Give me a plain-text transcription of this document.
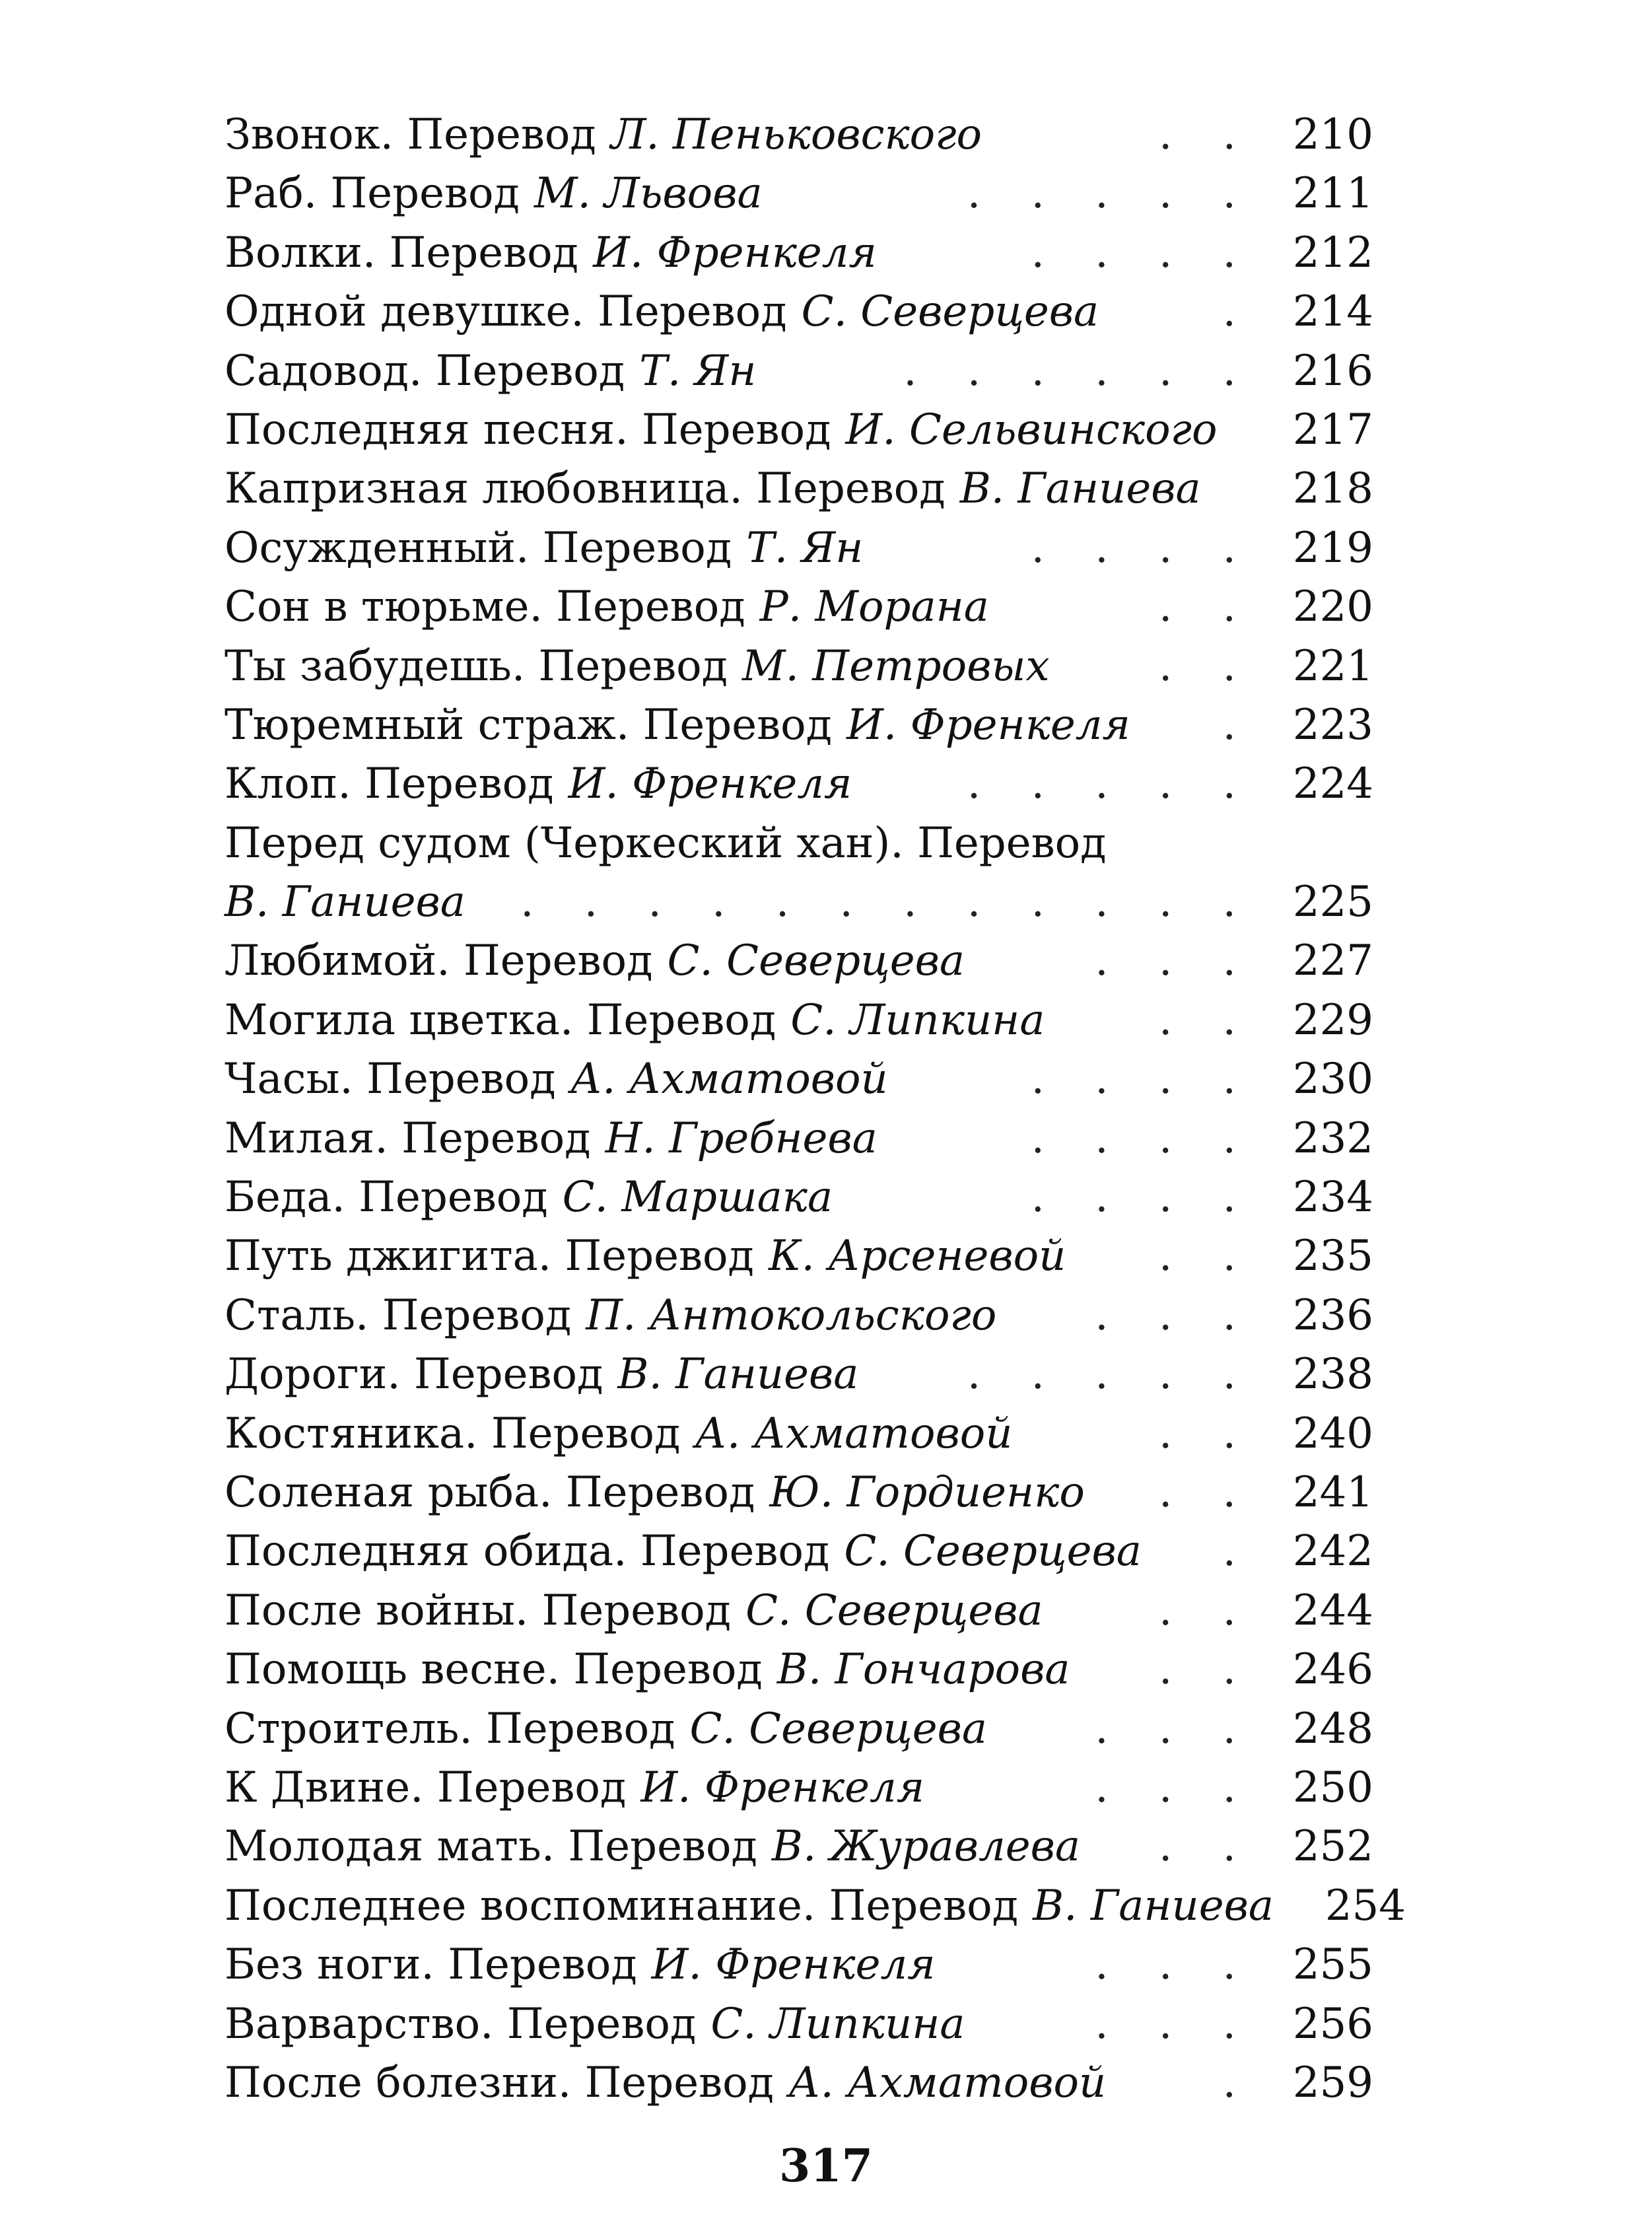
Звонок. Перевод Л. Пеньковского	. . 210
Раб. Перевод М. Львова	. . . . . 211
Волки. Перевод И. Френкеля	. . . . 212
Одной девушке. Перевод С. Северцева	. 214
Садовод. Перевод Т. Ян	. . . . . . 216
Последняя песня. Перевод И. Сельвинского	217
Капризная любовница. Перевод В. Ганиева	218
Осужденный. Перевод Т. Ян	. . . . 219
Сон в тюрьме. Перевод Р. Морана	. . 220
Ты забудешь. Перевод М. Петровых	. . 221
Тюремный страж. Перевод И. Френкеля	. 223
Клоп. Перевод И. Френкеля	. . . . . 224
Перед судом (Черкеский хан). Перевод
В. Ганиева	. . . . . . . . . . . . 225
Любимой. Перевод С. Северцева	. . . 227
Могила цветка. Перевод С. Липкина	. . 229
Часы. Перевод А. Ахматовой	. . . . 230
Милая. Перевод Н. Гребнева	. . . . 232
Беда. Перевод С. Маршака	. . . . 234
Путь джигита. Перевод К. Арсеневой	. . 235
Сталь. Перевод П. Антокольского	. . . 236
Дороги. Перевод В. Ганиева	. . . . . 238
Костяника. Перевод А. Ахматовой	. . 240
Соленая рыба. Перевод Ю. Гордиенко	. . 241
Последняя обида. Перевод С. Северцева	. 242
После войны. Перевод С. Северцева	. . 244
Помощь весне. Перевод В. Гончарова	. . 246
Строитель. Перевод С. Северцева	. . . 248
К Двине. Перевод И. Френкеля	. . . 250
Молодая мать. Перевод В. Журавлева	. . 252
Последнее воспоминание. Перевод В. Ганиева	254
Без ноги. Перевод И. Френкеля	. . . 255
Варварство. Перевод С. Липкина	. . . 256
После болезни. Перевод А. Ахматовой	. 259
317
